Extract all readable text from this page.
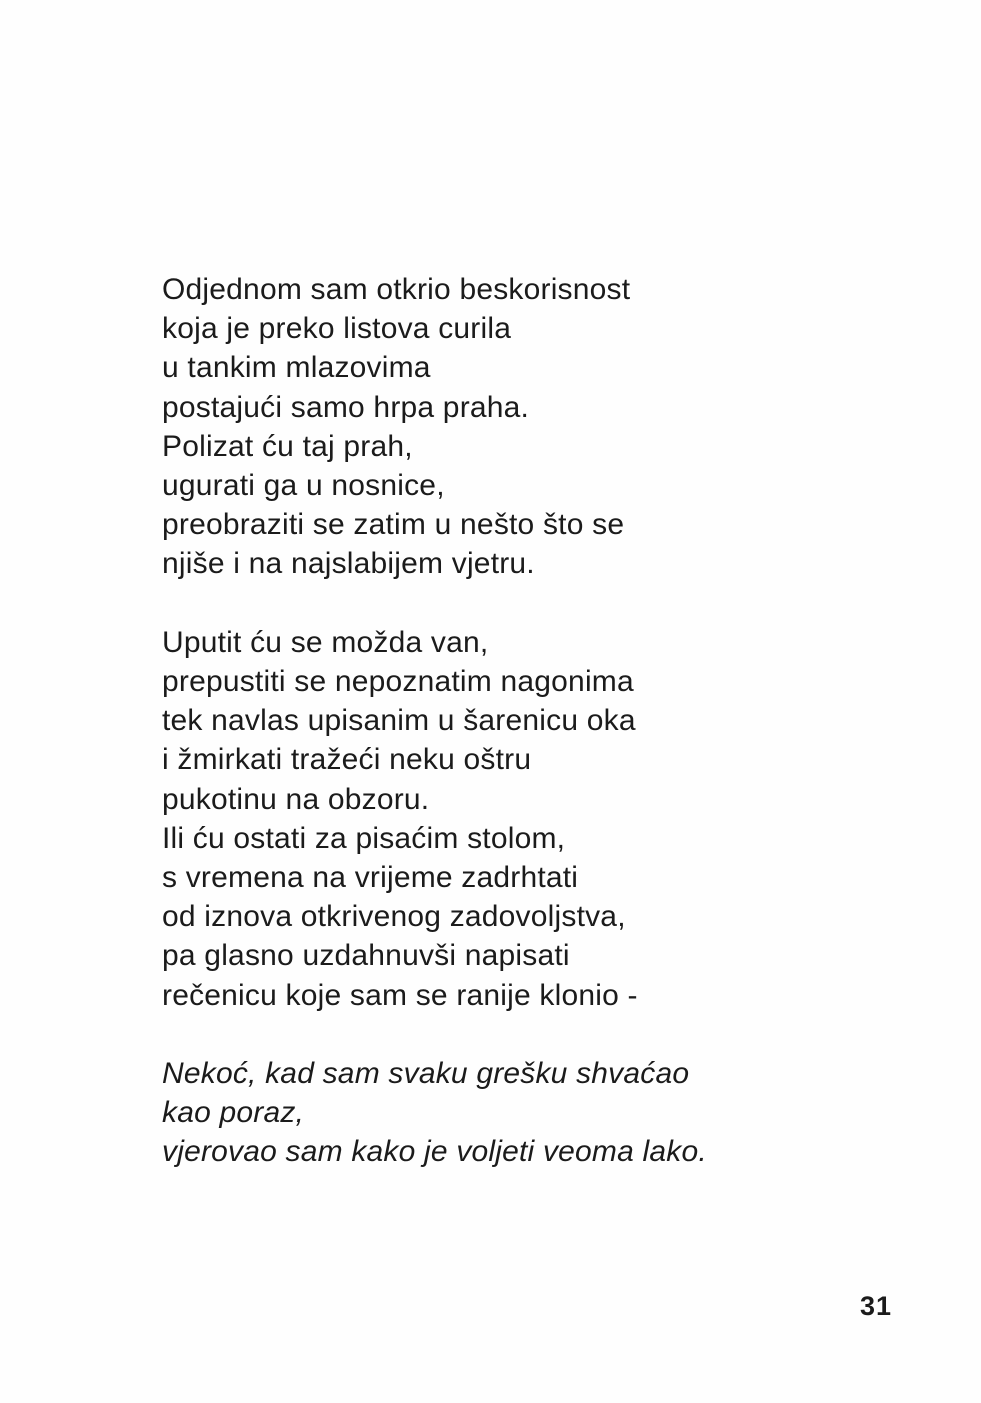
Odjednom sam otkrio beskorisnost
koja je preko listova curila
u tankim mlazovima
postajući samo hrpa praha.
Polizat ću taj prah,
ugurati ga u nosnice,
preobraziti se zatim u nešto što se
njiše i na najslabijem vjetru.
Uputit ću se možda van,
prepustiti se nepoznatim nagonima
tek navlas upisanim u šarenicu oka
i žmirkati tražeći neku oštru
pukotinu na obzoru.
Ili ću ostati za pisaćim stolom,
s vremena na vrijeme zadrhtati
od iznova otkrivenog zadovoljstva,
pa glasno uzdahnuvši napisati
rečenicu koje sam se ranije klonio -
Nekoć, kad sam svaku grešku shvaćao
kao poraz,
vjerovao sam kako je voljeti veoma lako.
31
